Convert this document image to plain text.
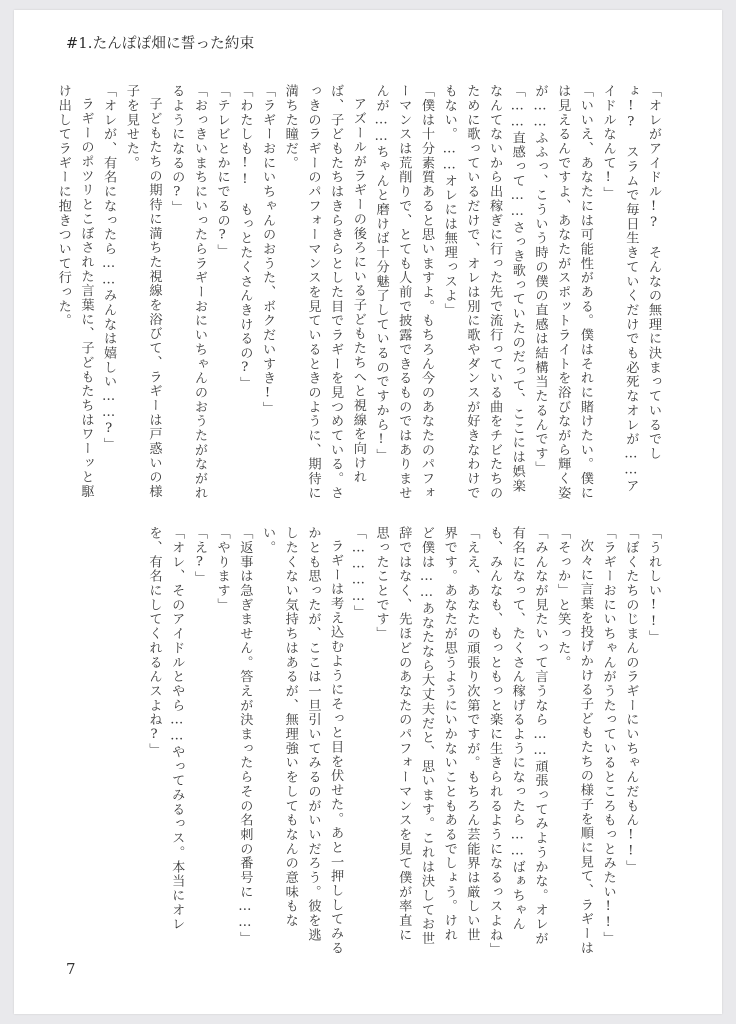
#1.たんぽぽ畑に誓った約束

「オレがアイドル!?　そんなの無理に決まっているでしょ!?　スラムで毎日生きていくだけでも必死なオレが……アイドルなんて!」

「いいえ、あなたには可能性がある。僕はそれに賭けたい。僕には見えるんですよ、あなたがスポットライトを浴びながら輝く姿が……ふふっ、こういう時の僕の直感は結構当たるんです」

「……直感って……さっき歌っていたのだって、ここには娯楽なんてないから出稼ぎに行った先で流行っている曲をチビたちのために歌っているだけで、オレは別に歌やダンスが好きなわけでもない。……オレには無理っスよ」

「僕は十分素質あると思いますよ。もちろん今のあなたのパフォーマンスは荒削りで、とても人前で披露できるものではありませんが……ちゃんと磨けば十分魅了しているのですから!」

アズールがラギーの後ろにいる子どもたちへと視線を向ければ、子どもたちはきらきらとした目でラギーを見つめている。さっきのラギーのパフォーマンスを見ているときのように、期待に満ちた瞳だ。

「ラギーおにいちゃんのおうた、ボクだいすき!」

「わたしも!!　もっとたくさんきけるの?」

「テレビとかにでるの?」

「おっきいまちにいったらラギーおにいちゃんのおうたがながれるようになるの?」

子どもたちの期待に満ちた視線を浴びて、ラギーは戸惑いの様子を見せた。

「オレが、有名になったら……みんなは嬉しい……?」

ラギーのポツリとこぼされた言葉に、子どもたちはワーッと駆け出してラギーに抱きついて行った。

「うれしい!!」

「ぼくたちのじまんのラギーにいちゃんだもん!!」

「ラギーおにいちゃんがうたっているところもっとみたい!!」

次々に言葉を投げかける子どもたちの様子を順に見て、ラギーは「そっか」と笑った。

「みんなが見たいって言うなら……頑張ってみようかな。オレが有名になって、たくさん稼げるようになったら……ばぁちゃんも、みんなも、もっともっと楽に生きられるようになるっスよね」

「ええ、あなたの頑張り次第ですが。もちろん芸能界は厳しい世界です。あなたが思うようにいかないこともあるでしょう。けれど僕は……あなたなら大丈夫だと、思います。これは決してお世辞ではなく、先ほどのあなたのパフォーマンスを見て僕が率直に思ったことです」

「…………」

ラギーは考え込むようにそっと目を伏せた。あと一押ししてみるかとも思ったが、ここは一旦引いてみるのがいいだろう。彼を逃したくない気持ちはあるが、無理強いをしてもなんの意味もない。

「返事は急ぎません。答えが決まったらその名刺の番号に……」

「やります」

「え?」

「オレ、そのアイドルとやら……やってみるっス。本当にオレを、有名にしてくれるんスよね?」

7
